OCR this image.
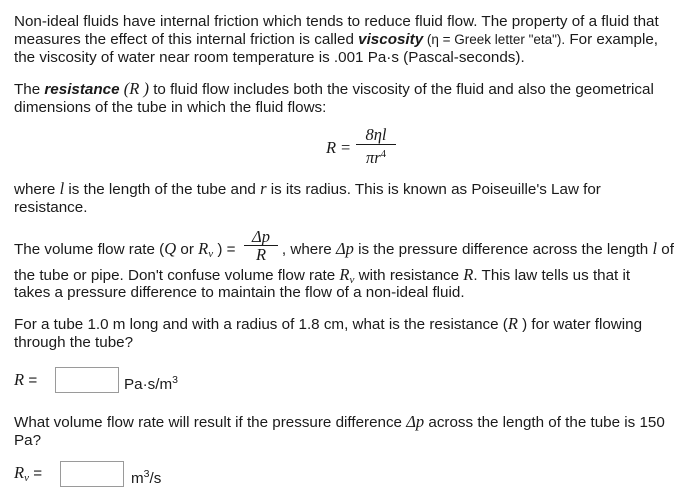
Non-ideal fluids have internal friction which tends to reduce fluid flow. The property of a fluid that
measures the effect of this internal friction is called viscosity (η = Greek letter "eta"). For example,
the viscosity of water near room temperature is .001 Pa·s (Pascal-seconds).
The resistance (R ) to fluid flow includes both the viscosity of the fluid and also the geometrical
dimensions of the tube in which the fluid flows:
$R = \frac{8\eta l}{\pi r^4}$
where l is the length of the tube and r is its radius. This is known as Poiseuille's Law for
resistance.
The volume flow rate (Q or $R_v$ ) =	, where Δp is the pressure difference across the length l of
$\frac{\Delta p}{R}$
the tube or pipe. Don't confuse volume flow rate $R_v$ with resistance R. This law tells us that it
takes a pressure difference to maintain the flow of a non-ideal fluid.
For a tube 1.0 m long and with a radius of 1.8 cm, what is the resistance (R ) for water flowing
through the tube?
R =	$Pa\cdot s/m^3$
What volume flow rate will result if the pressure difference Δp across the length of the tube is 150
Pa?
$R_v$ =	$m^3/s$
